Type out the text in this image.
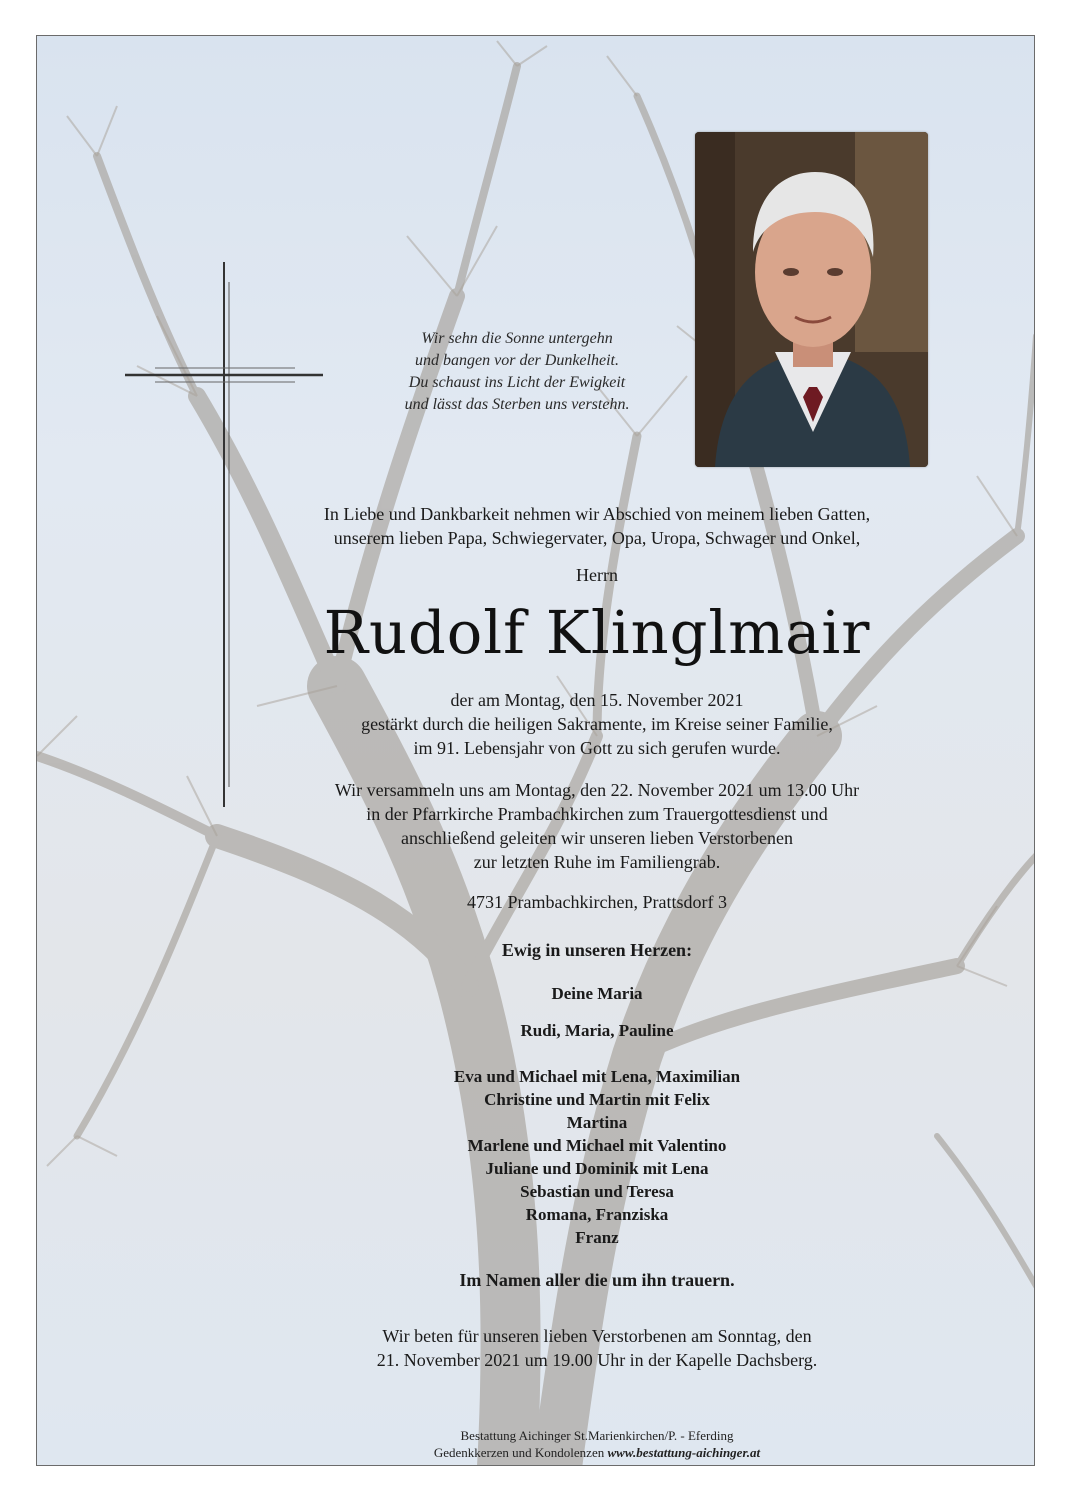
Wir sehn die Sonne untergehn
und bangen vor der Dunkelheit.
Du schaust ins Licht der Ewigkeit
und lässt das Sterben uns verstehn.
In Liebe und Dankbarkeit nehmen wir Abschied von meinem lieben Gatten,
unserem lieben Papa, Schwiegervater, Opa, Uropa, Schwager und Onkel,
Herrn
Rudolf Klinglmair
der am Montag, den 15. November 2021
gestärkt durch die heiligen Sakramente, im Kreise seiner Familie,
im 91. Lebensjahr von Gott zu sich gerufen wurde.
Wir versammeln uns am Montag, den 22. November 2021 um 13.00 Uhr
in der Pfarrkirche Prambachkirchen zum Trauergottesdienst und
anschließend geleiten wir unseren lieben Verstorbenen
zur letzten Ruhe im Familiengrab.
4731 Prambachkirchen, Prattsdorf 3
Ewig in unseren Herzen:
Deine Maria
Rudi, Maria, Pauline
Eva und Michael mit Lena, Maximilian
Christine und Martin mit Felix
Martina
Marlene und Michael mit Valentino
Juliane und Dominik mit Lena
Sebastian und Teresa
Romana, Franziska
Franz
Im Namen aller die um ihn trauern.
Wir beten für unseren lieben Verstorbenen am Sonntag, den
21. November 2021 um 19.00 Uhr in der Kapelle Dachsberg.
Bestattung Aichinger St.Marienkirchen/P. - Eferding
Gedenkkerzen und Kondolenzen www.bestattung-aichinger.at
